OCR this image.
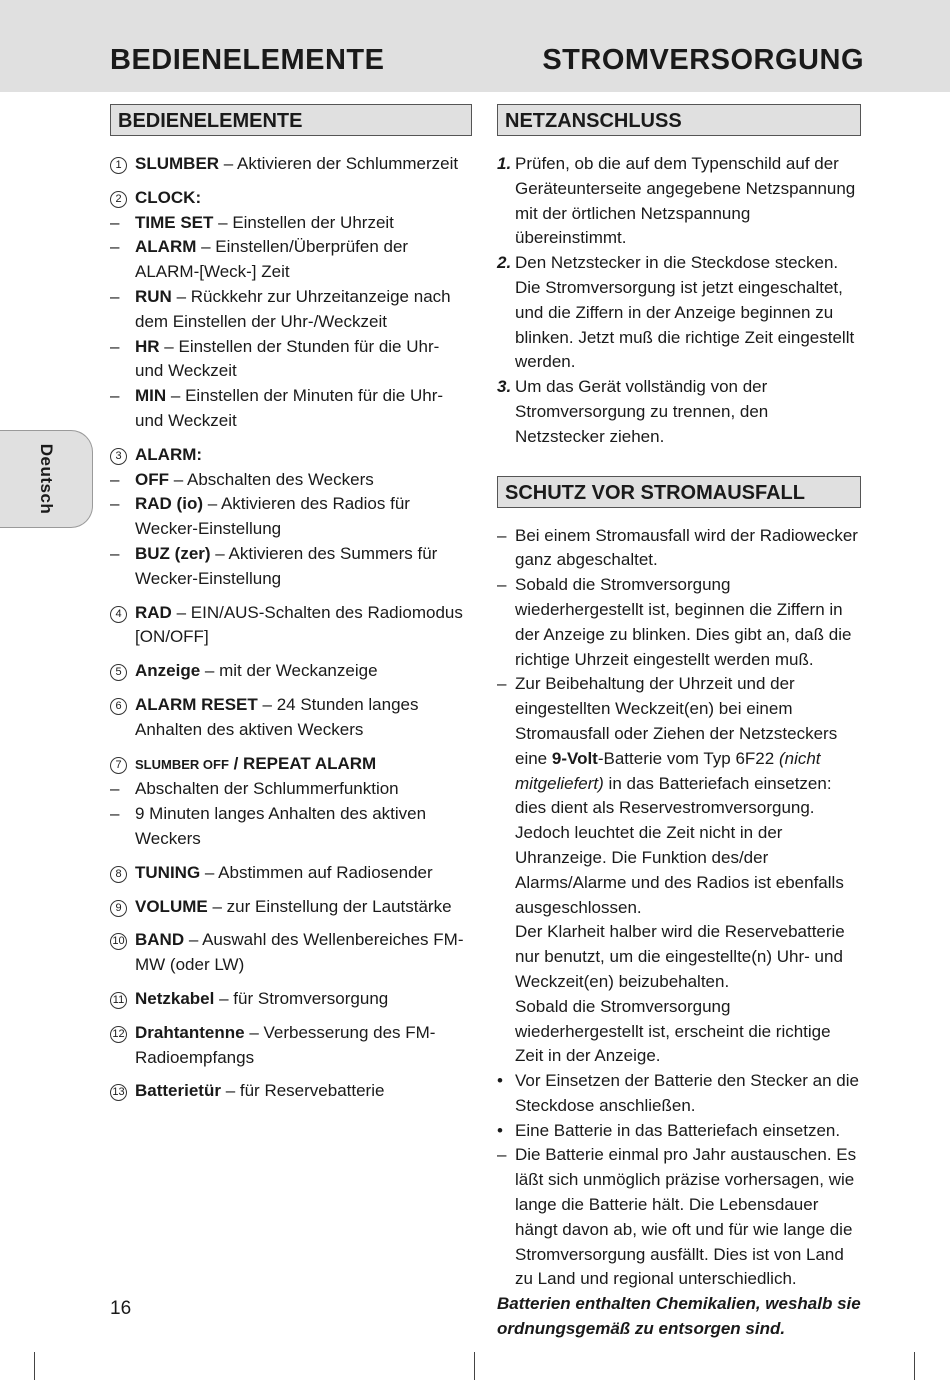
BEDIENELEMENTE	STROMVERSORGUNG
Deutsch
BEDIENELEMENTE
1 SLUMBER – Aktivieren der Schlummerzeit
2 CLOCK:
– TIME SET – Einstellen der Uhrzeit
– ALARM – Einstellen/Überprüfen der ALARM-[Weck-] Zeit
– RUN – Rückkehr zur Uhrzeitanzeige nach dem Einstellen der Uhr-/Weckzeit
– HR – Einstellen der Stunden für die Uhr- und Weckzeit
– MIN – Einstellen der Minuten für die Uhr- und Weckzeit
3 ALARM:
– OFF – Abschalten des Weckers
– RAD (io) – Aktivieren des Radios für Wecker-Einstellung
– BUZ (zer) – Aktivieren des Summers für Wecker-Einstellung
4 RAD – EIN/AUS-Schalten des Radiomodus [ON/OFF]
5 Anzeige – mit der Weckanzeige
6 ALARM RESET – 24 Stunden langes Anhalten des aktiven Weckers
7	SLUMBER OFF / REPEAT ALARM
– Abschalten der Schlummerfunktion
– 9 Minuten langes Anhalten des aktiven Weckers
8 TUNING – Abstimmen auf Radiosender
9 VOLUME – zur Einstellung der Lautstärke
10 BAND – Auswahl des Wellenbereiches FM-MW (oder LW)
11 Netzkabel – für Stromversorgung
12 Drahtantenne – Verbesserung des FM-Radioempfangs
13 Batterietür – für Reservebatterie
NETZANSCHLUSS
1. Prüfen, ob die auf dem Typenschild auf der Geräteunterseite angegebene Netzspannung mit der örtlichen Netzspannung übereinstimmt.
2. Den Netzstecker in die Steckdose stecken. Die Stromversorgung ist jetzt eingeschaltet, und die Ziffern in der Anzeige beginnen zu blinken. Jetzt muß die richtige Zeit eingestellt werden.
3. Um das Gerät vollständig von der Stromversorgung zu trennen, den Netzstecker ziehen.
SCHUTZ VOR STROMAUSFALL
– Bei einem Stromausfall wird der Radiowecker ganz abgeschaltet.
– Sobald die Stromversorgung wiederhergestellt ist, beginnen die Ziffern in der Anzeige zu blinken. Dies gibt an, daß die richtige Uhrzeit eingestellt werden muß.
– Zur Beibehaltung der Uhrzeit und der eingestellten Weckzeit(en) bei einem Stromausfall oder Ziehen der Netzsteckers eine 9-Volt-Batterie vom Typ 6F22 (nicht mitgeliefert) in das Batteriefach einsetzen: dies dient als Reservestromversorgung. Jedoch leuchtet die Zeit nicht in der Uhranzeige. Die Funktion des/der Alarms/Alarme und des Radios ist ebenfalls ausgeschlossen.
Der Klarheit halber wird die Reservebatterie nur benutzt, um die eingestellte(n) Uhr- und Weckzeit(en) beizubehalten.
Sobald die Stromversorgung wiederhergestellt ist, erscheint die richtige Zeit in der Anzeige.
• Vor Einsetzen der Batterie den Stecker an die Steckdose anschließen.
• Eine Batterie in das Batteriefach einsetzen.
– Die Batterie einmal pro Jahr austauschen. Es läßt sich unmöglich präzise vorhersagen, wie lange die Batterie hält. Die Lebensdauer hängt davon ab, wie oft und für wie lange die Stromversorgung ausfällt. Dies ist von Land zu Land und regional unterschiedlich.
Batterien enthalten Chemikalien, weshalb sie ordnungsgemäß zu entsorgen sind.
16
